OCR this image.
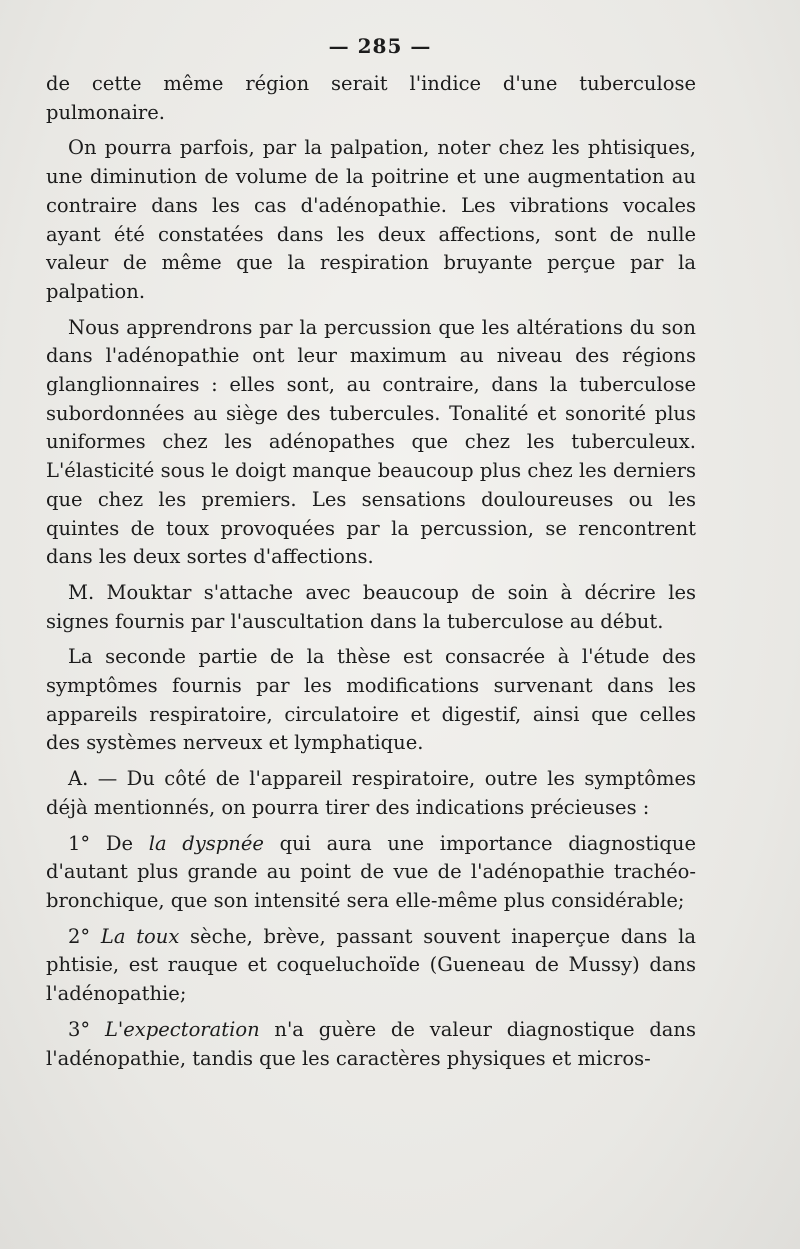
— 285 —

de cette même région serait l'indice d'une tuberculose pulmonaire.

On pourra parfois, par la palpation, noter chez les phtisiques, une diminution de volume de la poitrine et une augmentation au contraire dans les cas d'adénopathie. Les vibrations vocales ayant été constatées dans les deux affections, sont de nulle valeur de même que la respiration bruyante perçue par la palpation.

Nous apprendrons par la percussion que les altérations du son dans l'adénopathie ont leur maximum au niveau des régions glanglionnaires : elles sont, au contraire, dans la tuberculose subordonnées au siège des tubercules. Tonalité et sonorité plus uniformes chez les adénopathes que chez les tuberculeux. L'élasticité sous le doigt manque beaucoup plus chez les derniers que chez les premiers. Les sensations douloureuses ou les quintes de toux provoquées par la percussion, se rencontrent dans les deux sortes d'affections.

M. Mouktar s'attache avec beaucoup de soin à décrire les signes fournis par l'auscultation dans la tuberculose au début.

La seconde partie de la thèse est consacrée à l'étude des symptômes fournis par les modifications survenant dans les appareils respiratoire, circulatoire et digestif, ainsi que celles des systèmes nerveux et lymphatique.

A. — Du côté de l'appareil respiratoire, outre les symptômes déjà mentionnés, on pourra tirer des indications précieuses :

1° De la dyspnée qui aura une importance diagnostique d'autant plus grande au point de vue de l'adénopathie trachéo-bronchique, que son intensité sera elle-même plus considérable;

2° La toux sèche, brève, passant souvent inaperçue dans la phtisie, est rauque et coqueluchoïde (Gueneau de Mussy) dans l'adénopathie;

3° L'expectoration n'a guère de valeur diagnostique dans l'adénopathie, tandis que les caractères physiques et micros-
